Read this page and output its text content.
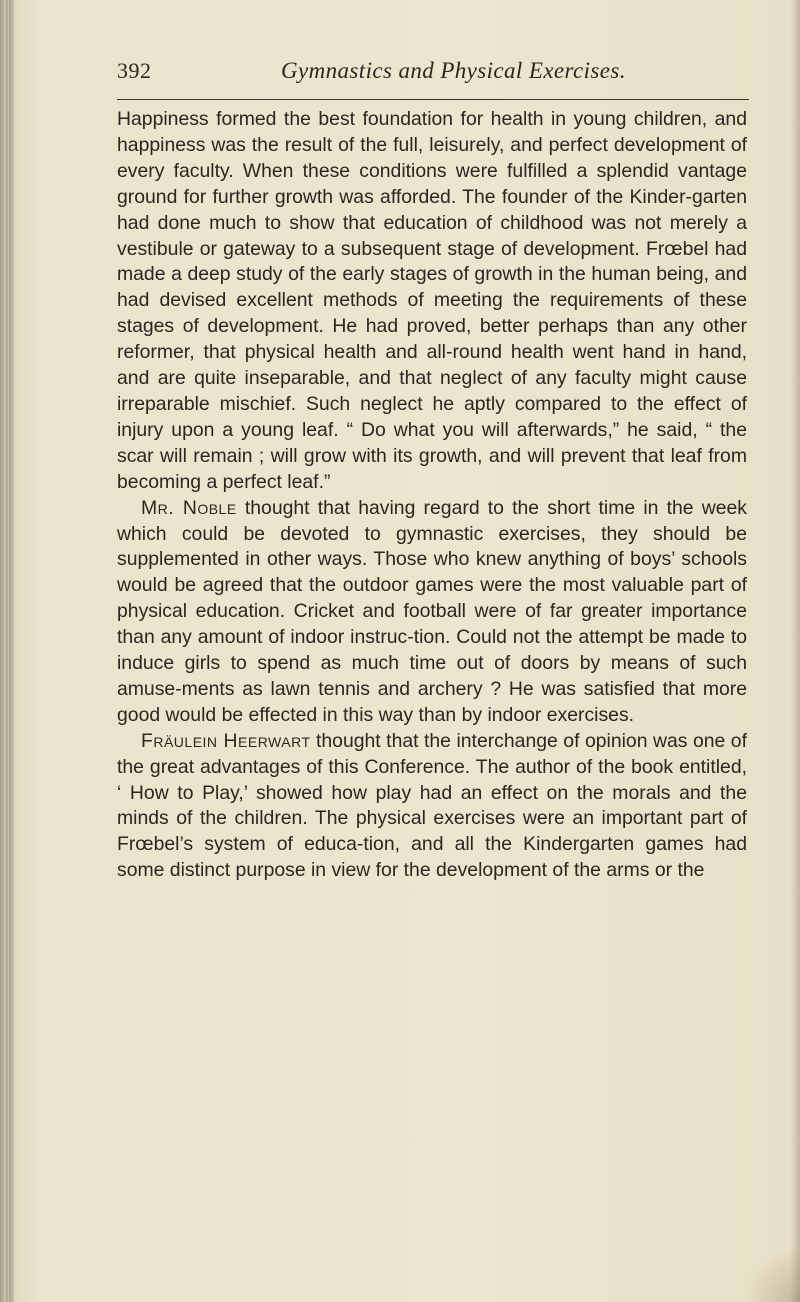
392	Gymnastics and Physical Exercises.

Happiness formed the best foundation for health in young children, and happiness was the result of the full, leisurely, and perfect development of every faculty. When these conditions were fulfilled a splendid vantage ground for further growth was afforded. The founder of the Kinder-garten had done much to show that education of childhood was not merely a vestibule or gateway to a subsequent stage of development. Frœbel had made a deep study of the early stages of growth in the human being, and had devised excellent methods of meeting the requirements of these stages of development. He had proved, better perhaps than any other reformer, that physical health and all-round health went hand in hand, and are quite inseparable, and that neglect of any faculty might cause irreparable mischief. Such neglect he aptly compared to the effect of injury upon a young leaf. “ Do what you will afterwards,” he said, “ the scar will remain ; will grow with its growth, and will prevent that leaf from becoming a perfect leaf.”

Mr. Noble thought that having regard to the short time in the week which could be devoted to gymnastic exercises, they should be supplemented in other ways. Those who knew anything of boys’ schools would be agreed that the outdoor games were the most valuable part of physical education. Cricket and football were of far greater importance than any amount of indoor instruc-tion. Could not the attempt be made to induce girls to spend as much time out of doors by means of such amuse-ments as lawn tennis and archery ? He was satisfied that more good would be effected in this way than by indoor exercises.

Fräulein Heerwart thought that the interchange of opinion was one of the great advantages of this Conference. The author of the book entitled, ‘ How to Play,’ showed how play had an effect on the morals and the minds of the children. The physical exercises were an important part of Frœbel’s system of educa-tion, and all the Kindergarten games had some distinct purpose in view for the development of the arms or the
